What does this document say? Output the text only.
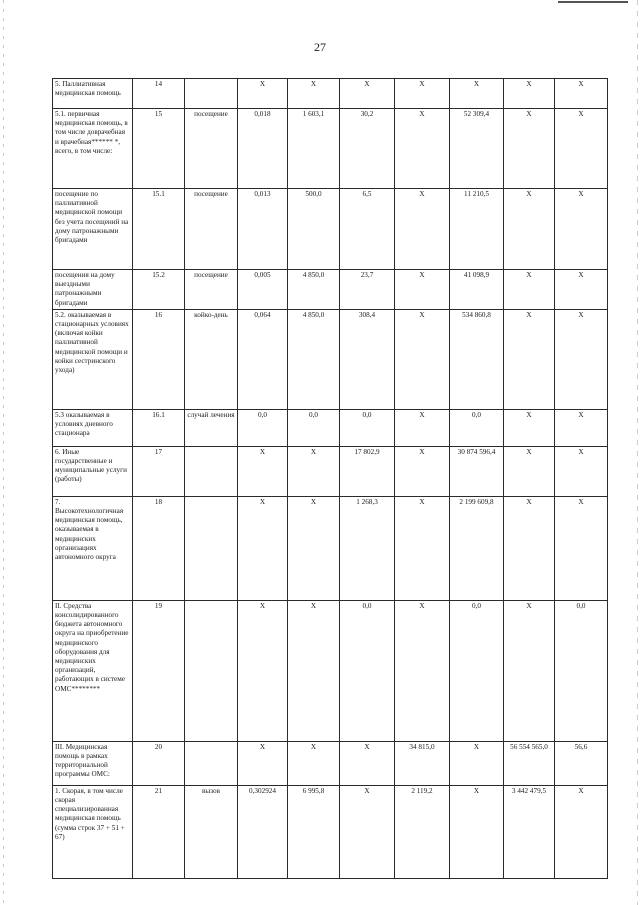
27
5. Паллиативная медицинская помощь	14		Х	Х	Х	Х	Х	Х	Х
5.1. первичная медицинская помощь, в том числе доврачебная и врачебная****** *, всего, в том числе:	15	посещение	0,018	1 603,1	30,2	Х	52 309,4	Х	Х
посещение по паллиативной медицинской помощи без учета посещений на дому патронажными бригадами	15.1	посещение	0,013	500,0	6,5	Х	11 210,5	Х	Х
посещения на дому выездными патронажными бригадами	15.2	посещение	0,005	4 850,0	23,7	Х	41 098,9	Х	Х
5.2. оказываемая в стационарных условиях (включая койки паллиативной медицинской помощи и койки сестринского ухода)	16	койко-день	0,064	4 850,0	308,4	Х	534 860,8	Х	Х
5.3 оказываемая в условиях дневного стационара	16.1	случай лечения	0,0	0,0	0,0	Х	0,0	Х	Х
6. Иные государственные и муниципальные услуги (работы)	17		Х	Х	17 802,9	Х	30 874 596,4	Х	Х
7. Высокотехнологичная медицинская помощь, оказываемая в медицинских организациях автономного округа	18		Х	Х	1 268,3	Х	2 199 609,8	Х	Х
II. Средства консолидированного бюджета автономного округа на приобретение медицинского оборудования для медицинских организаций, работающих в системе ОМС********	19		Х	Х	0,0	Х	0,0	Х	0,0
III. Медицинская помощь в рамках территориальной программы ОМС:	20		Х	Х	Х	34 815,0	Х	56 554 565,0	56,6
1. Скорая, в том числе скорая специализированная медицинская помощь (сумма строк 37 + 51 + 67)	21	вызов	0,302924	6 995,8	Х	2 119,2	Х	3 442 479,5	Х
